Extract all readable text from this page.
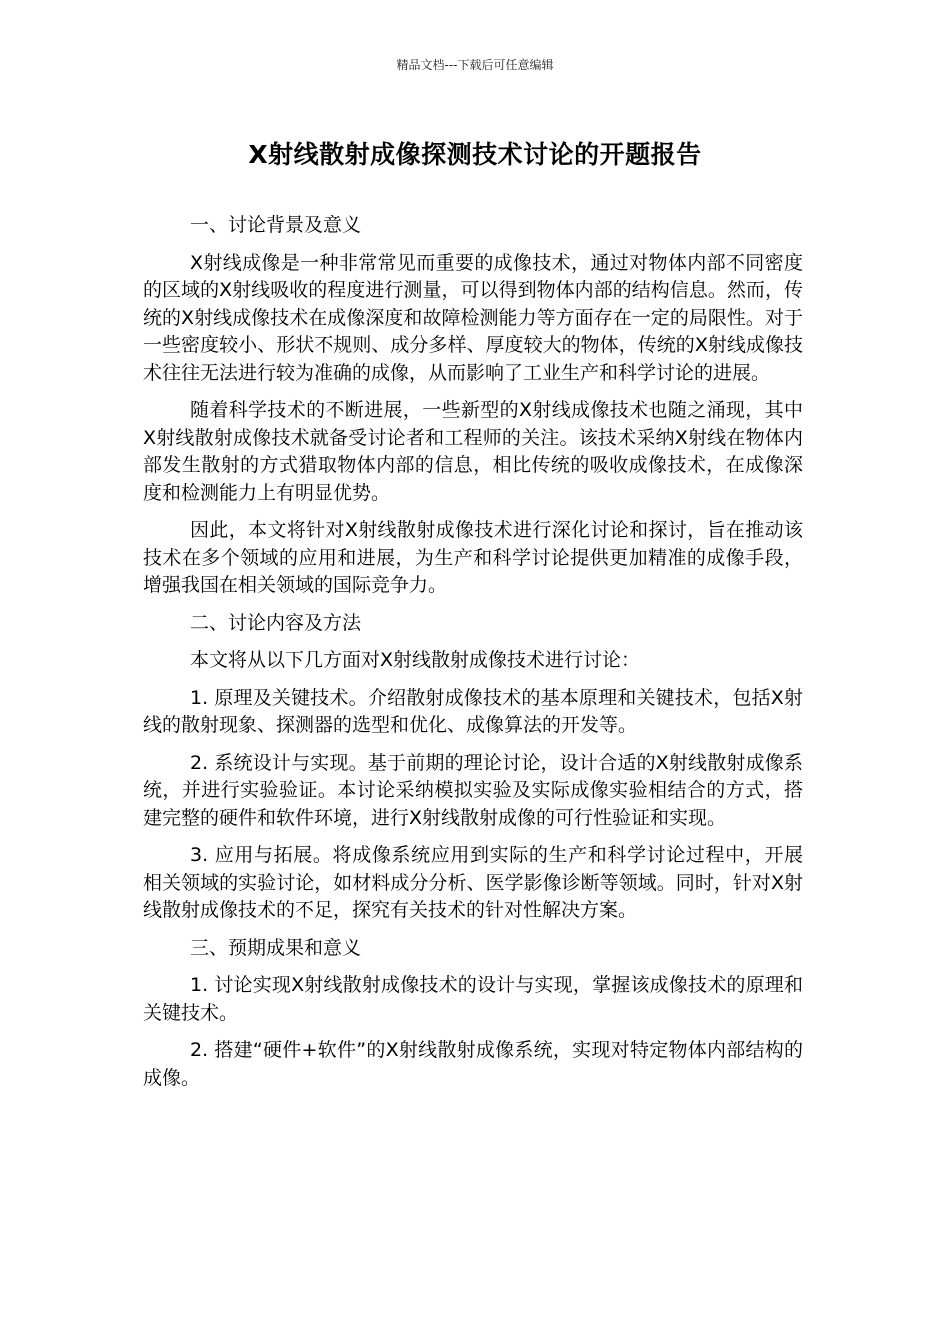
精品文档---下载后可任意编辑
X射线散射成像探测技术讨论的开题报告

一、讨论背景及意义

X射线成像是一种非常常见而重要的成像技术，通过对物体内部不同密度的区域的X射线吸收的程度进行测量，可以得到物体内部的结构信息。然而，传统的X射线成像技术在成像深度和故障检测能力等方面存在一定的局限性。对于一些密度较小、形状不规则、成分多样、厚度较大的物体，传统的X射线成像技术往往无法进行较为准确的成像，从而影响了工业生产和科学讨论的进展。

随着科学技术的不断进展，一些新型的X射线成像技术也随之涌现，其中X射线散射成像技术就备受讨论者和工程师的关注。该技术采纳X射线在物体内部发生散射的方式猎取物体内部的信息，相比传统的吸收成像技术，在成像深度和检测能力上有明显优势。

因此，本文将针对X射线散射成像技术进行深化讨论和探讨，旨在推动该技术在多个领域的应用和进展，为生产和科学讨论提供更加精准的成像手段，增强我国在相关领域的国际竞争力。

二、讨论内容及方法

本文将从以下几方面对X射线散射成像技术进行讨论：

1. 原理及关键技术。介绍散射成像技术的基本原理和关键技术，包括X射线的散射现象、探测器的选型和优化、成像算法的开发等。

2. 系统设计与实现。基于前期的理论讨论，设计合适的X射线散射成像系统，并进行实验验证。本讨论采纳模拟实验及实际成像实验相结合的方式，搭建完整的硬件和软件环境，进行X射线散射成像的可行性验证和实现。

3. 应用与拓展。将成像系统应用到实际的生产和科学讨论过程中，开展相关领域的实验讨论，如材料成分分析、医学影像诊断等领域。同时，针对X射线散射成像技术的不足，探究有关技术的针对性解决方案。

三、预期成果和意义

1. 讨论实现X射线散射成像技术的设计与实现，掌握该成像技术的原理和关键技术。

2. 搭建“硬件+软件”的X射线散射成像系统，实现对特定物体内部结构的成像。
